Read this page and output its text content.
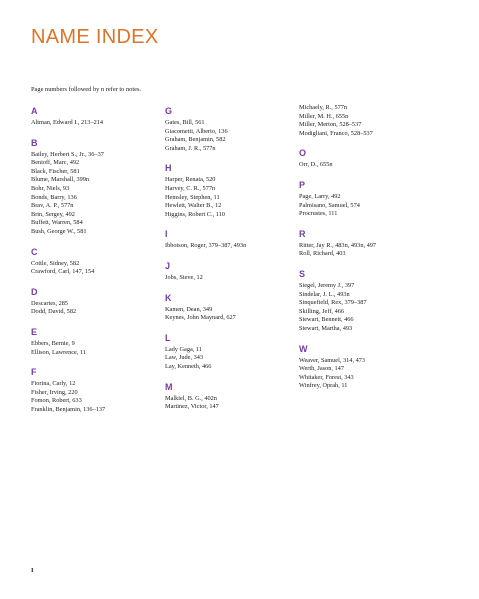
NAME INDEX
Page numbers followed by n refer to notes.
A
Altman, Edward I., 213–214
B
Bailey, Herbert S., Jr., 36–37
Benioff, Marc, 492
Black, Fischer, 581
Blume, Marshall, 399n
Bohr, Niels, 93
Bonds, Barry, 136
Brav, A. P., 577n
Brin, Sergey, 492
Buffett, Warren, 584
Bush, George W., 581
C
Cottle, Sidney, 582
Crawford, Carl, 147, 154
D
Descartes, 285
Dodd, David, 582
E
Ebbers, Bernie, 9
Ellison, Lawrence, 11
F
Fiorina, Carly, 12
Fisher, Irving, 220
Fomon, Robert, 633
Franklin, Benjamin, 136–137
G
Gates, Bill, 561
Giacometti, Alberto, 136
Graham, Benjamin, 582
Graham, J. R., 577n
H
Harper, Renata, 520
Harvey, C. R., 577n
Hemsley, Stephen, 11
Hewlett, Walter B., 12
Higgins, Robert C., 110
I
Ibbotson, Roger, 379–387, 493n
J
Jobs, Steve, 12
K
Kamen, Dean, 349
Keynes, John Maynard, 627
L
Lady Gaga, 11
Law, Jude, 343
Lay, Kenneth, 466
M
Malkiel, B. G., 402n
Martinez, Victor, 147
Michaely, R., 577n
Miller, M. H., 655n
Miller, Merton, 528–537
Modigliani, Franco, 528–537
O
Orr, D., 655n
P
Page, Larry, 492
Palmisano, Samuel, 574
Procrustes, 111
R
Ritter, Jay R., 483n, 493n, 497
Roll, Richard, 403
S
Siegel, Jeremy J., 397
Sindelar, J. L., 493n
Sinquefield, Rex, 379–387
Skilling, Jeff, 466
Stewart, Bennett, 466
Stewart, Martha, 493
W
Weaver, Samuel, 314, 473
Werth, Jason, 147
Whitaker, Forest, 343
Winfrey, Oprah, 11
I
